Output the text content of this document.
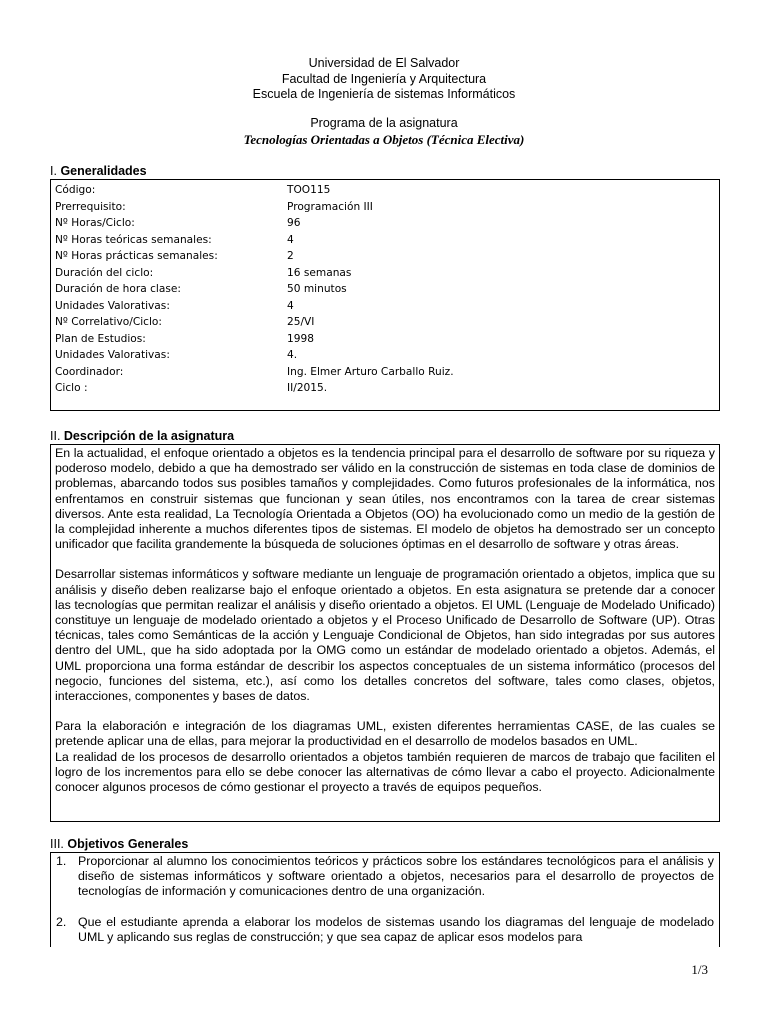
Universidad de El Salvador
Facultad de Ingeniería y Arquitectura
Escuela de Ingeniería de sistemas Informáticos
Programa de la asignatura
Tecnologías Orientadas a Objetos (Técnica Electiva)
I. Generalidades
Código:	TOO115
Prerrequisito:	Programación III
Nº Horas/Ciclo:	96
Nº Horas teóricas semanales:	4
Nº Horas prácticas semanales:	2
Duración del ciclo:	16 semanas
Duración de hora clase:	50 minutos
Unidades Valorativas:	4
Nº Correlativo/Ciclo:	25/VI
Plan de Estudios:	1998
Unidades Valorativas:	4.
Coordinador:	Ing. Elmer Arturo Carballo Ruiz.
Ciclo :	II/2015.
II. Descripción de la asignatura

En la actualidad, el enfoque orientado a objetos es la tendencia principal para el desarrollo de software por su riqueza y poderoso modelo, debido a que ha demostrado ser válido en la construcción de sistemas en toda clase de dominios de problemas, abarcando todos sus posibles tamaños y complejidades. Como futuros profesionales de la informática, nos enfrentamos en construir sistemas que funcionan y sean útiles, nos encontramos con la tarea de crear sistemas diversos. Ante esta realidad, La Tecnología Orientada a Objetos (OO) ha evolucionado como un medio de la gestión de la complejidad inherente a muchos diferentes tipos de sistemas. El modelo de objetos ha demostrado ser un concepto unificador que facilita grandemente la búsqueda de soluciones óptimas en el desarrollo de software y otras áreas.

Desarrollar sistemas informáticos y software mediante un lenguaje de programación orientado a objetos, implica que su análisis y diseño deben realizarse bajo el enfoque orientado a objetos. En esta asignatura se pretende dar a conocer las tecnologías que permitan realizar el análisis y diseño orientado a objetos. El UML (Lenguaje de Modelado Unificado) constituye un lenguaje de modelado orientado a objetos y el Proceso Unificado de Desarrollo de Software (UP). Otras técnicas, tales como Semánticas de la acción y Lenguaje Condicional de Objetos, han sido integradas por sus autores dentro del UML, que ha sido adoptada por la OMG como un estándar de modelado orientado a objetos. Además, el UML proporciona una forma estándar de describir los aspectos conceptuales de un sistema informático (procesos del negocio, funciones del sistema, etc.), así como los detalles concretos del software, tales como clases, objetos, interacciones, componentes y bases de datos.

Para la elaboración e integración de los diagramas UML, existen diferentes herramientas CASE, de las cuales se pretende aplicar una de ellas, para mejorar la productividad en el desarrollo de modelos basados en UML.

La realidad de los procesos de desarrollo orientados a objetos también requieren de marcos de trabajo que faciliten el logro de los incrementos para ello se debe conocer las alternativas de cómo llevar a cabo el proyecto. Adicionalmente conocer algunos procesos de cómo gestionar el proyecto a través de equipos pequeños.

III. Objetivos Generales
1. Proporcionar al alumno los conocimientos teóricos y prácticos sobre los estándares tecnológicos para el análisis y diseño de sistemas informáticos y software orientado a objetos, necesarios para el desarrollo de proyectos de tecnologías de información y comunicaciones dentro de una organización.
2. Que el estudiante aprenda a elaborar los modelos de sistemas usando los diagramas del lenguaje de modelado UML y aplicando sus reglas de construcción; y que sea capaz de aplicar esos modelos para
1/3
